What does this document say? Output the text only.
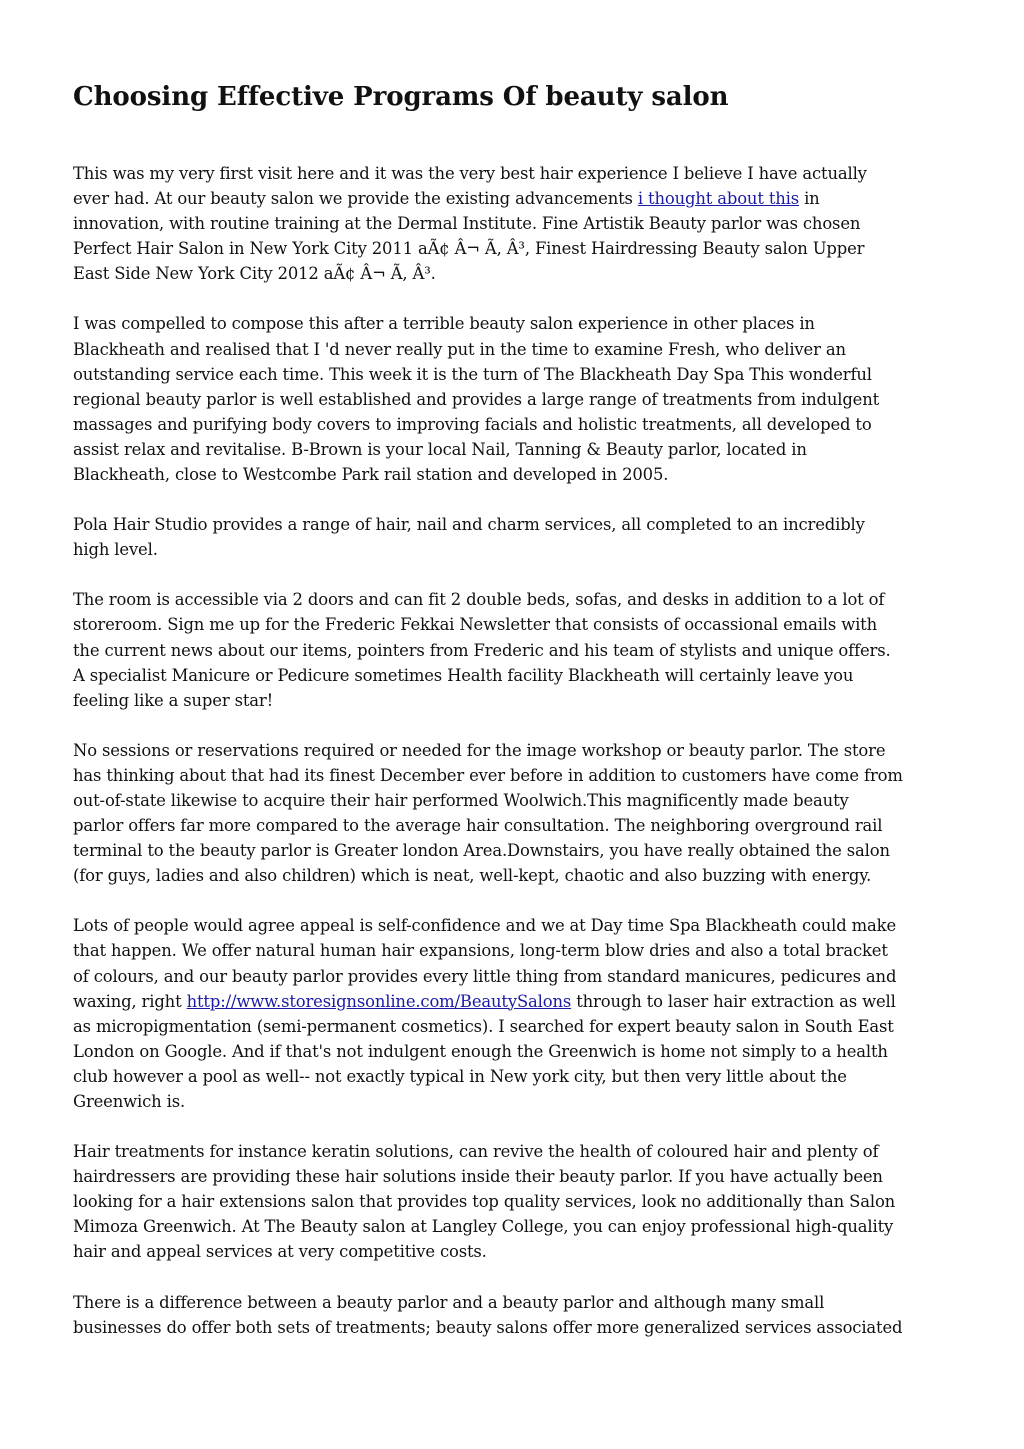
Choosing Effective Programs Of beauty salon

This was my very first visit here and it was the very best hair experience I believe I have actually
ever had. At our beauty salon we provide the existing advancements i thought about this in
innovation, with routine training at the Dermal Institute. Fine Artistik Beauty parlor was chosen
Perfect Hair Salon in New York City 2011 aÃ¢ Â¬ Ã, Â³, Finest Hairdressing Beauty salon Upper
East Side New York City 2012 aÃ¢ Â¬ Ã, Â³.

I was compelled to compose this after a terrible beauty salon experience in other places in
Blackheath and realised that I 'd never really put in the time to examine Fresh, who deliver an
outstanding service each time. This week it is the turn of The Blackheath Day Spa This wonderful
regional beauty parlor is well established and provides a large range of treatments from indulgent
massages and purifying body covers to improving facials and holistic treatments, all developed to
assist relax and revitalise. B-Brown is your local Nail, Tanning & Beauty parlor, located in
Blackheath, close to Westcombe Park rail station and developed in 2005.

Pola Hair Studio provides a range of hair, nail and charm services, all completed to an incredibly
high level.

The room is accessible via 2 doors and can fit 2 double beds, sofas, and desks in addition to a lot of
storeroom. Sign me up for the Frederic Fekkai Newsletter that consists of occassional emails with
the current news about our items, pointers from Frederic and his team of stylists and unique offers.
A specialist Manicure or Pedicure sometimes Health facility Blackheath will certainly leave you
feeling like a super star!

No sessions or reservations required or needed for the image workshop or beauty parlor. The store
has thinking about that had its finest December ever before in addition to customers have come from
out-of-state likewise to acquire their hair performed Woolwich.This magnificently made beauty
parlor offers far more compared to the average hair consultation. The neighboring overground rail
terminal to the beauty parlor is Greater london Area.Downstairs, you have really obtained the salon
(for guys, ladies and also children) which is neat, well-kept, chaotic and also buzzing with energy.

Lots of people would agree appeal is self-confidence and we at Day time Spa Blackheath could make
that happen. We offer natural human hair expansions, long-term blow dries and also a total bracket
of colours, and our beauty parlor provides every little thing from standard manicures, pedicures and
waxing, right http://www.storesignsonline.com/BeautySalons through to laser hair extraction as well
as micropigmentation (semi-permanent cosmetics). I searched for expert beauty salon in South East
London on Google. And if that's not indulgent enough the Greenwich is home not simply to a health
club however a pool as well-- not exactly typical in New york city, but then very little about the
Greenwich is.

Hair treatments for instance keratin solutions, can revive the health of coloured hair and plenty of
hairdressers are providing these hair solutions inside their beauty parlor. If you have actually been
looking for a hair extensions salon that provides top quality services, look no additionally than Salon
Mimoza Greenwich. At The Beauty salon at Langley College, you can enjoy professional high-quality
hair and appeal services at very competitive costs.

There is a difference between a beauty parlor and a beauty parlor and although many small
businesses do offer both sets of treatments; beauty salons offer more generalized services associated
